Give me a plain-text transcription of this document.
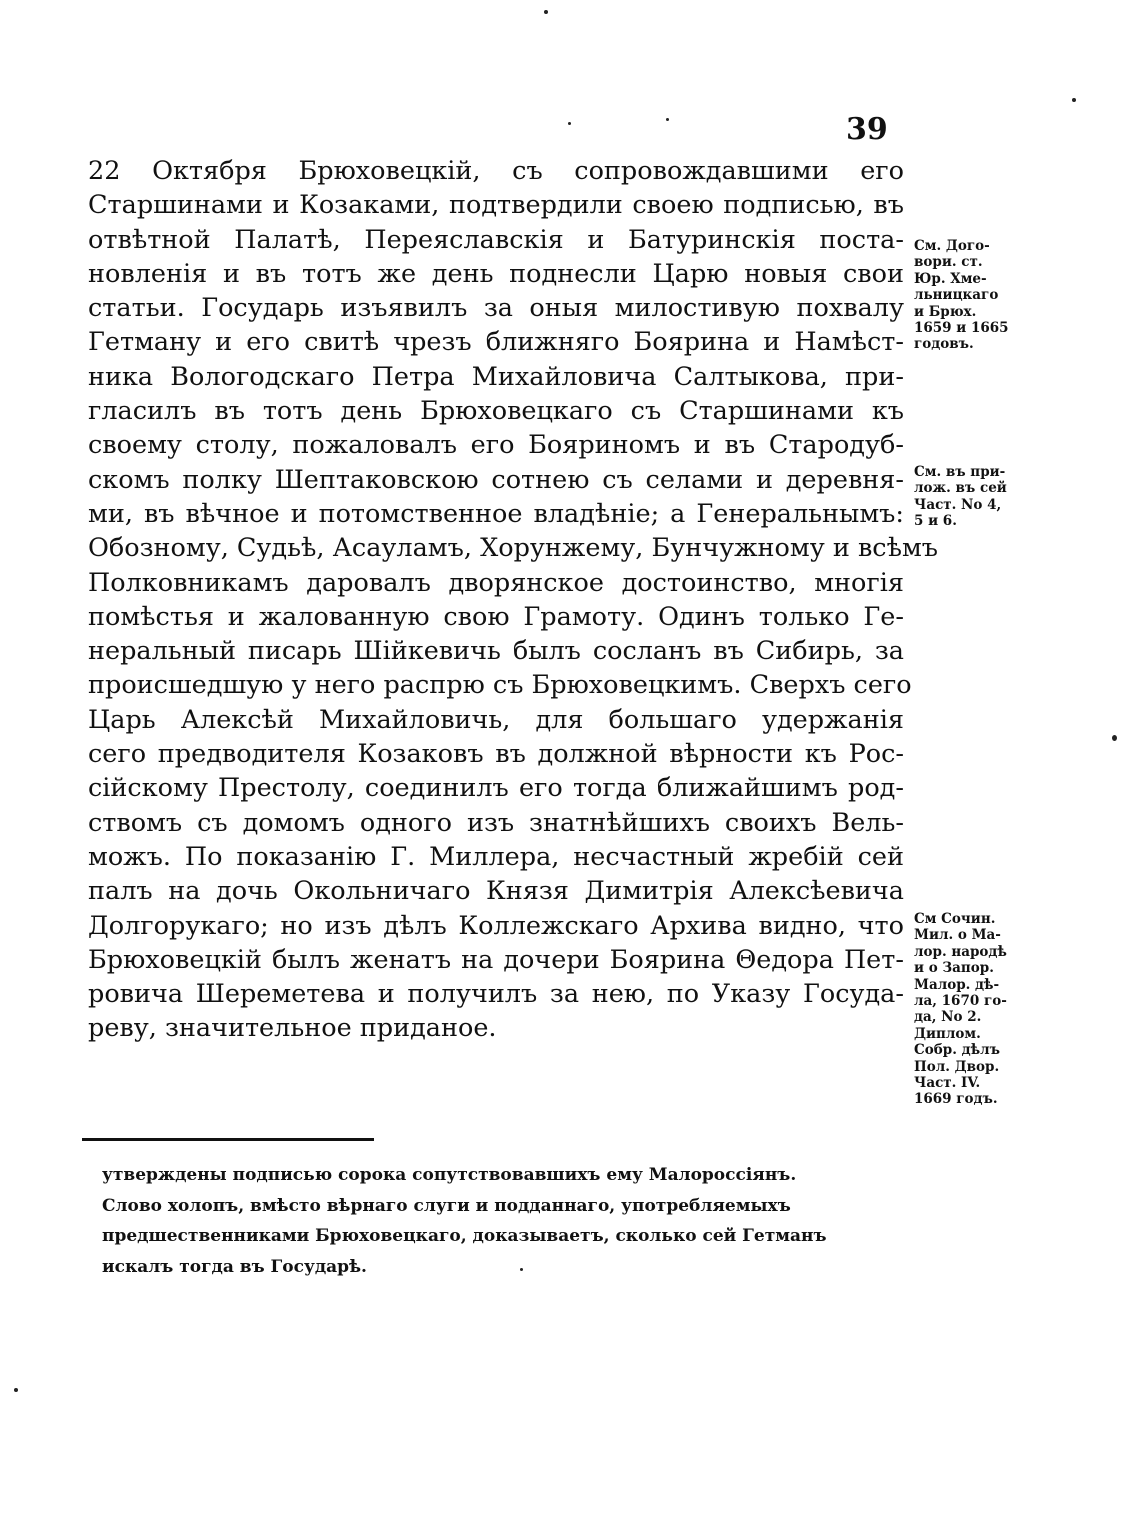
39
22 Октября Брюховецкій, съ сопровождавшими его
Старшинами и Козаками, подтвердили своею подписью, въ
отвѣтной Палатѣ, Переяславскія и Батуринскія поста-
новленія и въ тотъ же день поднесли Царю новыя свои
статьи. Государь изъявилъ за оныя милостивую похвалу
Гетману и его свитѣ чрезъ ближняго Боярина и Намѣст-
ника Вологодскаго Петра Михайловича Салтыкова, при-
гласилъ въ тотъ день Брюховецкаго съ Старшинами къ
своему столу, пожаловалъ его Бояриномъ и въ Стародуб-
скомъ полку Шептаковскою сотнею съ селами и деревня-
ми, въ вѣчное и потомственное владѣніе; а Генеральнымъ:
Обозному, Судьѣ, Асауламъ, Хорунжему, Бунчужному и всѣмъ
Полковникамъ даровалъ дворянское достоинство, многія
помѣстья и жалованную свою Грамоту. Одинъ только Ге-
неральный писарь Шійкевичь былъ сосланъ въ Сибирь, за
происшедшую у него распрю съ Брюховецкимъ. Сверхъ сего
Царь Алексѣй Михайловичь, для большаго удержанія
сего предводителя Козаковъ въ должной вѣрности къ Рос-
сійскому Престолу, соединилъ его тогда ближайшимъ род-
ствомъ съ домомъ одного изъ знатнѣйшихъ своихъ Вель-
можъ. По показанію Г. Миллера, несчастный жребій сей
палъ на дочь Окольничаго Князя Димитрія Алексѣевича
Долгорукаго; но изъ дѣлъ Коллежскаго Архива видно, что
Брюховецкій былъ женатъ на дочери Боярина Θедора Пет-
ровича Шереметева и получилъ за нею, по Указу Госуда-
реву, значительное приданое.
См. Дого-
вори. ст.
Юр. Хме-
льницкаго
и Брюх.
1659 и 1665
годовъ.
См. въ при-
лож. въ сей
Част. No 4,
5 и 6.
См Сочин.
Мил. о Ма-
лор. народѣ
и о Запор.
Малор. дѣ-
ла, 1670 го-
да, No 2.
Диплом.
Собр. дѣлъ
Пол. Двор.
Част. IV.
1669 годъ.
утверждены подписью сорока сопутствовавшихъ ему Малороссіянъ.
Слово холопъ, вмѣсто вѣрнаго слуги и подданнаго, употребляемыхъ
предшественниками Брюховецкаго, доказываетъ, сколько сей Гетманъ
искалъ тогда въ Государѣ.
